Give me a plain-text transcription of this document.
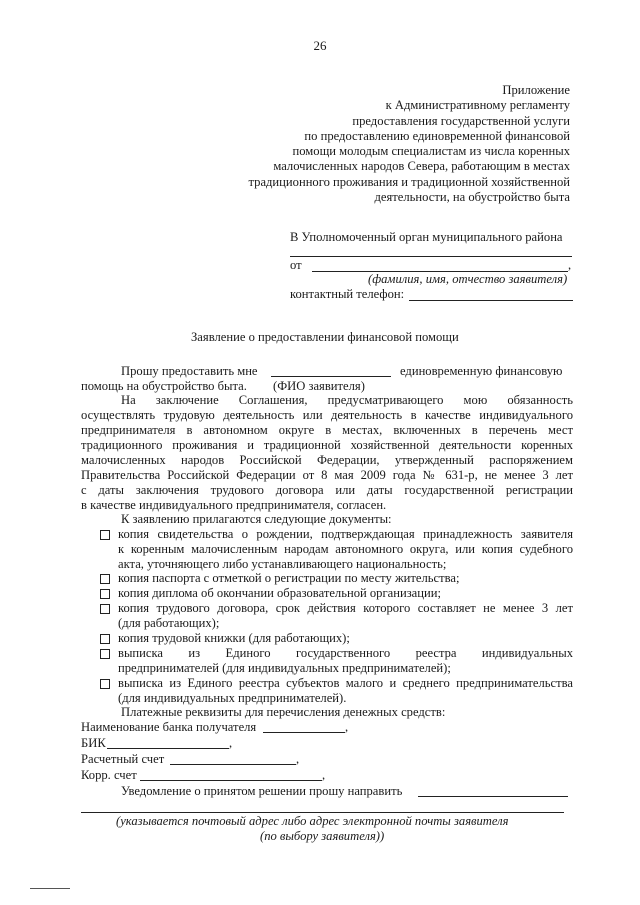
26
Приложение
к Административному регламенту
предоставления государственной услуги
по предоставлению единовременной финансовой
помощи молодым специалистам из числа коренных
малочисленных народов Севера, работающим в местах
традиционного проживания и традиционной хозяйственной
деятельности, на обустройство быта
В Уполномоченный орган муниципального района
от	,
(фамилия, имя, отчество заявителя)
контактный телефон:
Заявление о предоставлении финансовой помощи
Прошу предоставить мне	единовременную финансовую
помощь на обустройство быта. (ФИО заявителя)
На заключение Соглашения, предусматривающего мою обязанность
осуществлять трудовую деятельность или деятельность в качестве индивидуального
предпринимателя в автономном округе в местах, включенных в перечень мест
традиционного проживания и традиционной хозяйственной деятельности коренных
малочисленных народов Российской Федерации, утвержденный распоряжением
Правительства Российской Федерации от 8 мая 2009 года № 631-р, не менее 3 лет
с даты заключения трудового договора или даты государственной регистрации
в качестве индивидуального предпринимателя, согласен.
К заявлению прилагаются следующие документы:
копия свидетельства о рождении, подтверждающая принадлежность заявителя
к коренным малочисленным народам автономного округа, или копия судебного
акта, уточняющего либо устанавливающего национальность;
копия паспорта с отметкой о регистрации по месту жительства;
копия диплома об окончании образовательной организации;
копия трудового договора, срок действия которого составляет не менее 3 лет
(для работающих);
копия трудовой книжки (для работающих);
выписка из Единого государственного реестра индивидуальных
предпринимателей (для индивидуальных предпринимателей);
выписка из Единого реестра субъектов малого и среднего предпринимательства
(для индивидуальных предпринимателей).
Платежные реквизиты для перечисления денежных средств:
Наименование банка получателя	,
БИК	,
Расчетный счет	,
Корр. счет	,
Уведомление о принятом решении прошу направить
(указывается почтовый адрес либо адрес электронной почты заявителя
(по выбору заявителя))
